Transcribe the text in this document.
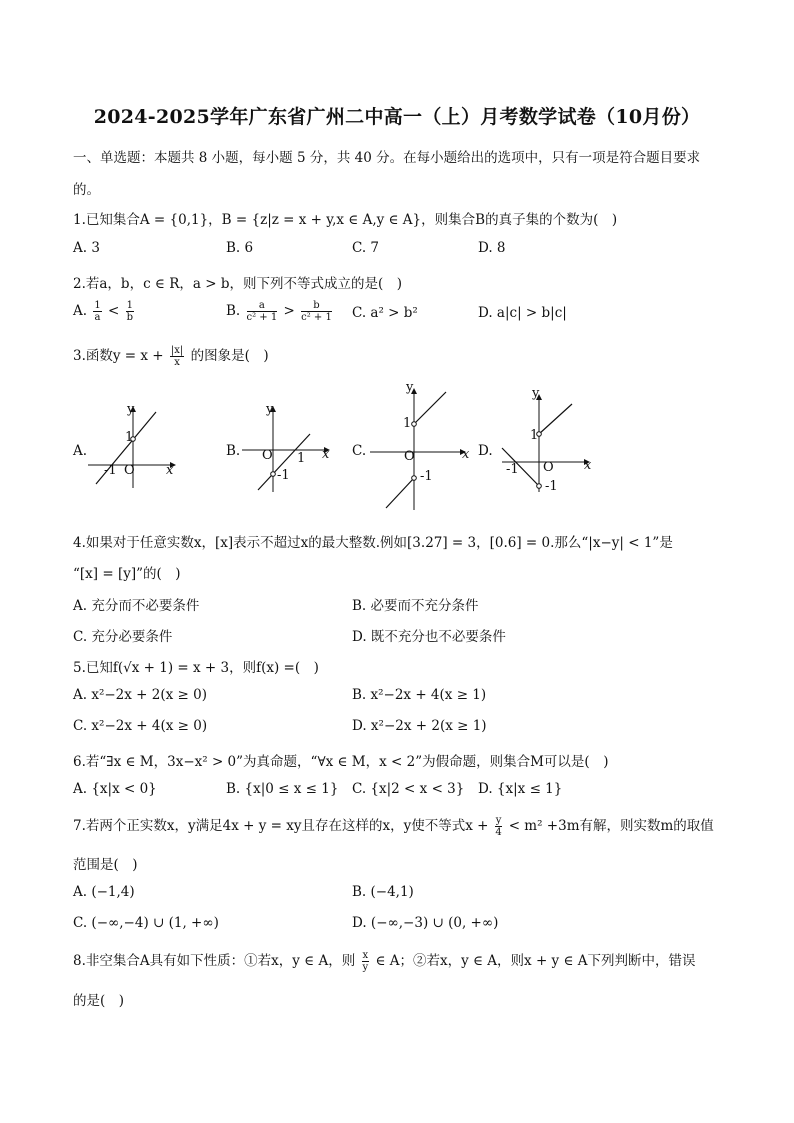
2024-2025学年广东省广州二中高一（上）月考数学试卷（10月份）
一、单选题：本题共 8 小题，每小题 5 分，共 40 分。在每小题给出的选项中，只有一项是符合题目要求
的。
1.已知集合A = {0,1}，B = {z|z = x + y,x ∈ A,y ∈ A}，则集合B的真子集的个数为(　)
A. 3	B. 6	C. 7	D. 8
2.若a，b，c ∈ R，a > b，则下列不等式成立的是(　)
A. $\frac{1}{a} < \frac{1}{b}$	B. $\frac{a}{\text{c² + 1}} > \frac{b}{\text{c² + 1}} C$. a² > b²	D. a|c| > b|c|
3.函数$y = x + \frac{|x|}{x}$ 的图象是(　)
A.	B.	C.	D.
y
x
O
1
-1
y
x
O 1
-1
y
x
O
1
-1
y
x
O
1
-1
-1
4.如果对于任意实数x，[x]表示不超过x的最大整数.例如[3.27] = 3，[0.6] = 0.那么“|x−y| < 1”是
“[x] = [y]”的(　)
A. 充分而不必要条件	B. 必要而不充分条件
C. 充分必要条件	D. 既不充分也不必要条件
5.已知f(√x + 1) = x + 3，则f(x) =(　)
A. x²−2x + 2(x ≥ 0)	B. x²−2x + 4(x ≥ 1)
C. x²−2x + 4(x ≥ 0)	D. x²−2x + 2(x ≥ 1)
6.若“∃x ∈ M，3x−x² > 0”为真命题，“∀x ∈ M，x < 2”为假命题，则集合M可以是(　)
A. {x|x < 0}	B. {x|0 ≤ x ≤ 1} C. {x|2 < x < 3} D. {x|x ≤ 1}
7.若两个正实数x，y满足4x + y = xy且存在这样的x，y使不等式$x + \frac{y}{4} < m^2 +3m$有解，则实数m的取值
范围是(　)
A. (−1,4)	B. (−4,1)
C. (−∞,−4) ∪ (1, +∞)	D. (−∞,−3) ∪ (0, +∞)
8.非空集合A具有如下性质：①若x，y ∈ A，则 $\frac{x}{y}$ ∈ A；②若x，y ∈ A，则x + y ∈ A下列判断中，错误
的是(　)
